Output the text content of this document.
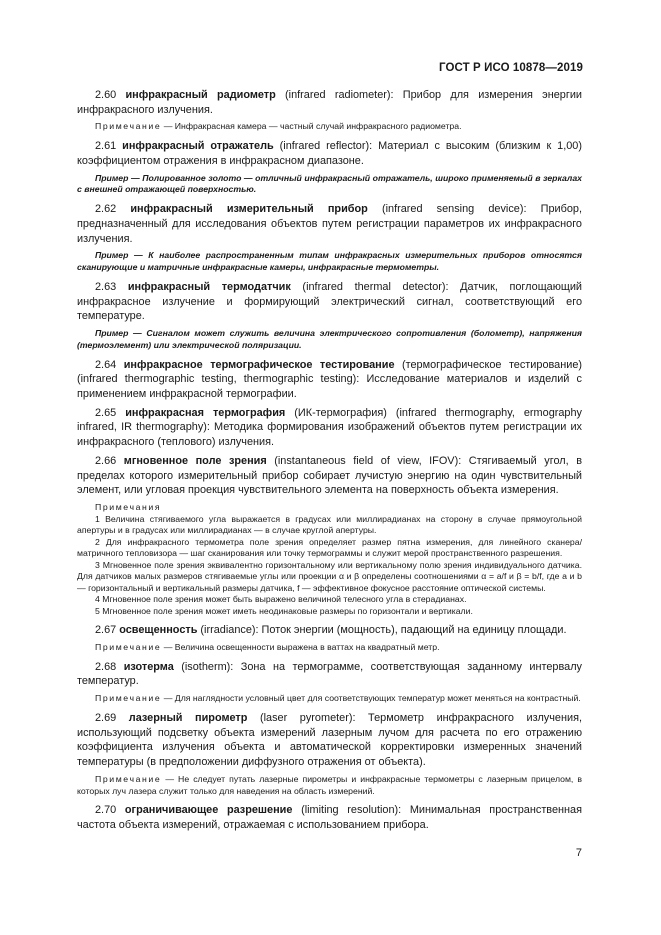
ГОСТ Р ИСО 10878—2019

2.60 инфракрасный радиометр (infrared radiometer): Прибор для измерения энергии инфракрасного излучения.

Примечание — Инфракрасная камера — частный случай инфракрасного радиометра.

2.61 инфракрасный отражатель (infrared reflector): Материал с высоким (близким к 1,00) коэффициентом отражения в инфракрасном диапазоне.

Пример — Полированное золото — отличный инфракрасный отражатель, широко применяемый в зеркалах с внешней отражающей поверхностью.

2.62 инфракрасный измерительный прибор (infrared sensing device): Прибор, предназначенный для исследования объектов путем регистрации параметров их инфракрасного излучения.

Пример — К наиболее распространенным типам инфракрасных измерительных приборов относятся сканирующие и матричные инфракрасные камеры, инфракрасные термометры.

2.63 инфракрасный термодатчик (infrared thermal detector): Датчик, поглощающий инфракрасное излучение и формирующий электрический сигнал, соответствующий его температуре.

Пример — Сигналом может служить величина электрического сопротивления (болометр), напряжения (термоэлемент) или электрической поляризации.

2.64 инфракрасное термографическое тестирование (термографическое тестирование) (infrared thermographic testing, thermographic testing): Исследование материалов и изделий с применением инфракрасной термографии.

2.65 инфракрасная термография (ИК-термография) (infrared thermography, ermography infrared, IR thermography): Методика формирования изображений объектов путем регистрации их инфракрасного (теплового) излучения.

2.66 мгновенное поле зрения (instantaneous field of view, IFOV): Стягиваемый угол, в пределах которого измерительный прибор собирает лучистую энергию на один чувствительный элемент, или угловая проекция чувствительного элемента на поверхность объекта измерения.

Примечания

1 Величина стягиваемого угла выражается в градусах или миллирадианах на сторону в случае прямоугольной апертуры и в градусах или миллирадианах — в случае круглой апертуры.

2 Для инфракрасного термометра поле зрения определяет размер пятна измерения, для линейного сканера/матричного тепловизора — шаг сканирования или точку термограммы и служит мерой пространственного разрешения.

3 Мгновенное поле зрения эквивалентно горизонтальному или вертикальному полю зрения индивидуального датчика. Для датчиков малых размеров стягиваемые углы или проекции α и β определены соотношениями α = a/f и β = b/f, где a и b — горизонтальный и вертикальный размеры датчика, f — эффективное фокусное расстояние оптической системы.

4 Мгновенное поле зрения может быть выражено величиной телесного угла в стерадианах.

5 Мгновенное поле зрения может иметь неодинаковые размеры по горизонтали и вертикали.

2.67 освещенность (irradiance): Поток энергии (мощность), падающий на единицу площади.

Примечание — Величина освещенности выражена в ваттах на квадратный метр.

2.68 изотерма (isotherm): Зона на термограмме, соответствующая заданному интервалу температур.

Примечание — Для наглядности условный цвет для соответствующих температур может меняться на контрастный.

2.69 лазерный пирометр (laser pyrometer): Термометр инфракрасного излучения, использующий подсветку объекта измерений лазерным лучом для расчета по его отражению коэффициента излучения объекта и автоматической корректировки измеренных значений температуры (в предположении диффузного отражения от объекта).

Примечание — Не следует путать лазерные пирометры и инфракрасные термометры с лазерным прицелом, в которых луч лазера служит только для наведения на область измерений.

2.70 ограничивающее разрешение (limiting resolution): Минимальная пространственная частота объекта измерений, отражаемая с использованием прибора.

7
